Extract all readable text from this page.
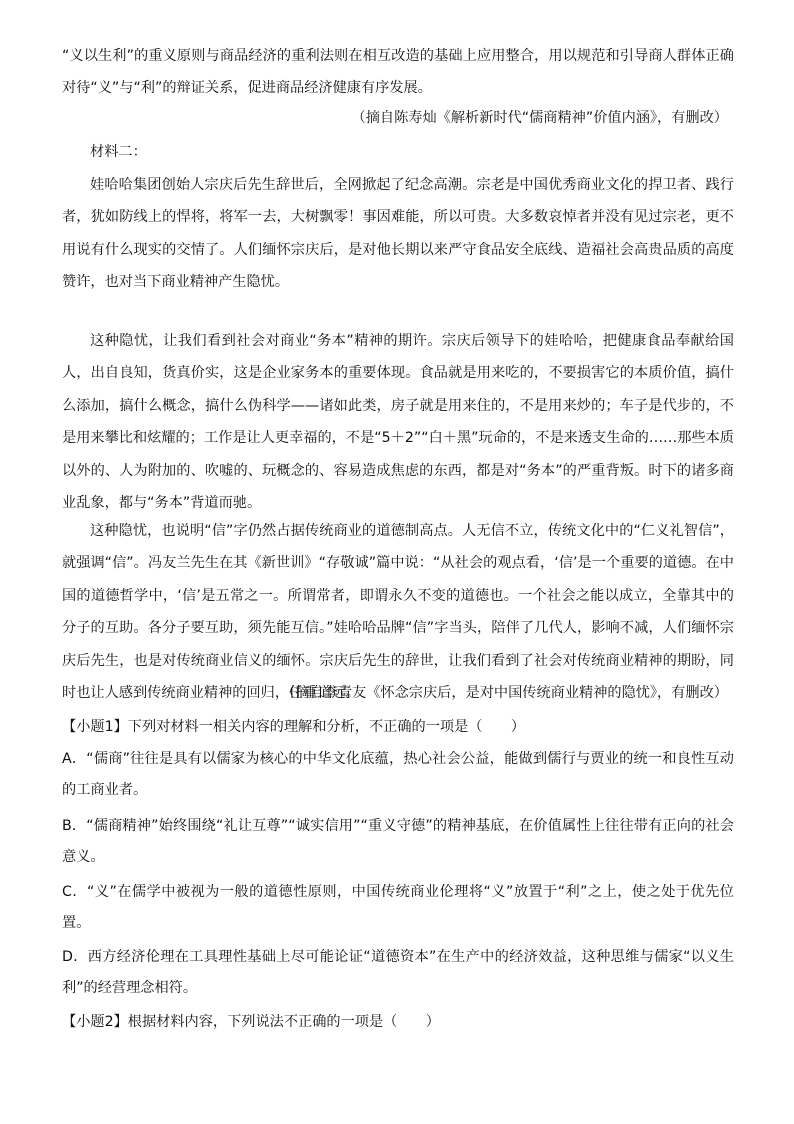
“义以生利”的重义原则与商品经济的重利法则在相互改造的基础上应用整合，用以规范和引导商人群体正确对待“义”与“利”的辩证关系，促进商品经济健康有序发展。

（摘自陈寿灿《解析新时代“儒商精神”价值内涵》，有删改）

材料二：

娃哈哈集团创始人宗庆后先生辞世后，全网掀起了纪念高潮。宗老是中国优秀商业文化的捍卫者、践行者，犹如防线上的悍将，将军一去，大树飘零！事因难能，所以可贵。大多数哀悼者并没有见过宗老，更不用说有什么现实的交情了。人们缅怀宗庆后，是对他长期以来严守食品安全底线、造福社会高贵品质的高度赞许，也对当下商业精神产生隐忧。

这种隐忧，让我们看到社会对商业“务本”精神的期许。宗庆后领导下的娃哈哈，把健康食品奉献给国人，出自良知，货真价实，这是企业家务本的重要体现。食品就是用来吃的，不要损害它的本质价值，搞什么添加，搞什么概念，搞什么伪科学——诸如此类，房子就是用来住的，不是用来炒的；车子是代步的，不是用来攀比和炫耀的；工作是让人更幸福的，不是“5＋2”“白＋黑”玩命的，不是来透支生命的……那些本质以外的、人为附加的、吹嘘的、玩概念的、容易造成焦虑的东西，都是对“务本”的严重背叛。时下的诸多商业乱象，都与“务本”背道而驰。

这种隐忧，也说明“信”字仍然占据传统商业的道德制高点。人无信不立，传统文化中的“仁义礼智信”，就强调“信”。冯友兰先生在其《新世训》“存敬诚”篇中说：“从社会的观点看，‘信’是一个重要的道德。在中国的道德哲学中，‘信’是五常之一。所谓常者，即谓永久不变的道德也。一个社会之能以成立，全靠其中的分子的互助。各分子要互助，须先能互信。”娃哈哈品牌“信”字当头，陪伴了几代人，影响不减，人们缅怀宗庆后先生，也是对传统商业信义的缅怀。宗庆后先生的辞世，让我们看到了社会对传统商业精神的期盼，同时也让人感到传统商业精神的回归，任重道远。

（摘自李青友《怀念宗庆后，是对中国传统商业精神的隐忧》，有删改）

【小题1】下列对材料一相关内容的理解和分析，不正确的一项是（　　）

A．“儒商”往往是具有以儒家为核心的中华文化底蕴，热心社会公益，能做到儒行与贾业的统一和良性互动的工商业者。

B．“儒商精神”始终围绕“礼让互尊”“诚实信用”“重义守德”的精神基底，在价值属性上往往带有正向的社会意义。

C．“义”在儒学中被视为一般的道德性原则，中国传统商业伦理将“义”放置于“利”之上，使之处于优先位置。

D．西方经济伦理在工具理性基础上尽可能论证“道德资本”在生产中的经济效益，这种思维与儒家“以义生利”的经营理念相符。

【小题2】根据材料内容，下列说法不正确的一项是（　　）
